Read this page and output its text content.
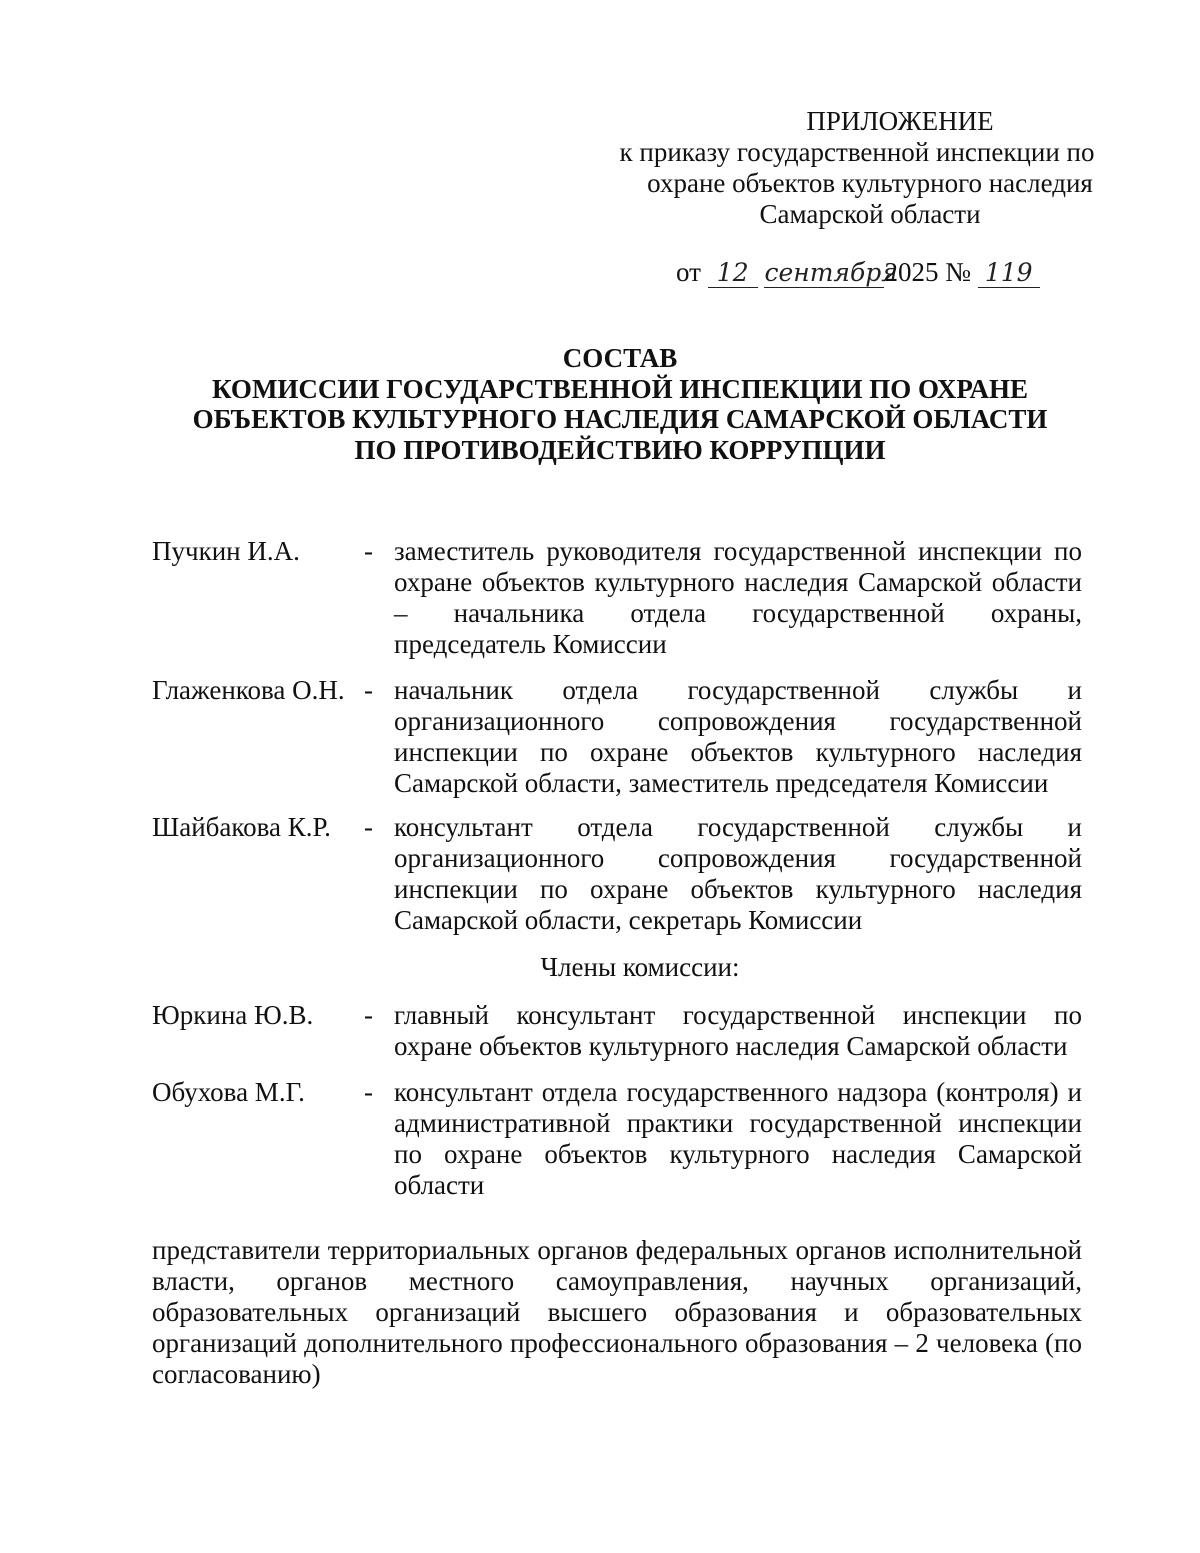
ПРИЛОЖЕНИЕ
к приказу государственной инспекции по
охране объектов культурного наследия
Самарской области
от 12 сентября2025 № 119
СОСТАВ
КОМИССИИ ГОСУДАРСТВЕННОЙ ИНСПЕКЦИИ ПО ОХРАНЕ
ОБЪЕКТОВ КУЛЬТУРНОГО НАСЛЕДИЯ САМАРСКОЙ ОБЛАСТИ
ПО ПРОТИВОДЕЙСТВИЮ КОРРУПЦИИ
Пучкин И.А. - заместитель руководителя государственной инспекции по охране объектов культурного наследия Самарской области – начальника отдела государственной охраны, председатель Комиссии
Глаженкова О.Н. - начальник отдела государственной службы и организационного сопровождения государственной инспекции по охране объектов культурного наследия Самарской области, заместитель председателя Комиссии
Шайбакова К.Р. - консультант отдела государственной службы и организационного сопровождения государственной инспекции по охране объектов культурного наследия Самарской области, секретарь Комиссии
Члены комиссии:
Юркина Ю.В. - главный консультант государственной инспекции по охране объектов культурного наследия Самарской области
Обухова М.Г. - консультант отдела государственного надзора (контроля) и административной практики государственной инспекции по охране объектов культурного наследия Самарской области
представители территориальных органов федеральных органов исполнительной власти, органов местного самоуправления, научных организаций, образовательных организаций высшего образования и образовательных организаций дополнительного профессионального образования – 2 человека (по согласованию)
